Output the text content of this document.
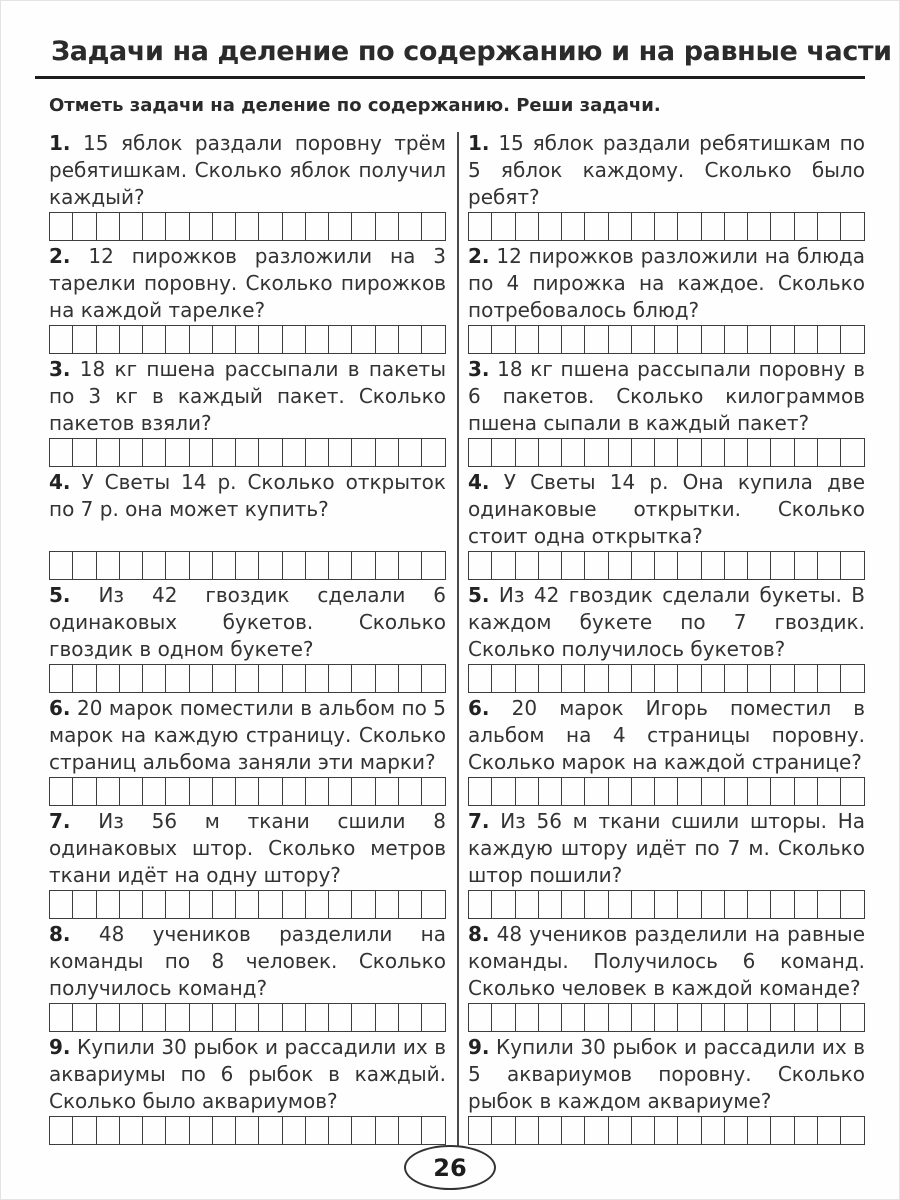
Задачи на деление по содержанию и на равные части
Отметь задачи на деление по содержанию. Реши задачи.

1. 15 яблок раздали поровну трём ребятишкам. Сколько яблок получил каждый?

2. 12 пирожков разложили на 3 тарелки поровну. Сколько пирожков на каждой тарелке?

3. 18 кг пшена рассыпали в пакеты по 3 кг в каждый пакет. Сколько пакетов взяли?

4. У Светы 14 р. Сколько открыток по 7 р. она может купить?

5. Из 42 гвоздик сделали 6 одинаковых букетов. Сколько гвоздик в одном букете?

6. 20 марок поместили в альбом по 5 марок на каждую страницу. Сколько страниц альбома заняли эти марки?

7. Из 56 м ткани сшили 8 одинаковых штор. Сколько метров ткани идёт на одну штору?

8. 48 учеников разделили на команды по 8 человек. Сколько получилось команд?

9. Купили 30 рыбок и рассадили их в аквариумы по 6 рыбок в каждый. Сколько было аквариумов?

1. 15 яблок раздали ребятишкам по 5 яблок каждому. Сколько было ребят?

2. 12 пирожков разложили на блюда по 4 пирожка на каждое. Сколько потребовалось блюд?

3. 18 кг пшена рассыпали поровну в 6 пакетов. Сколько килограммов пшена сыпали в каждый пакет?

4. У Светы 14 р. Она купила две одинаковые открытки. Сколько стоит одна открытка?

5. Из 42 гвоздик сделали букеты. В каждом букете по 7 гвоздик. Сколько получилось букетов?

6. 20 марок Игорь поместил в альбом на 4 страницы поровну. Сколько марок на каждой странице?

7. Из 56 м ткани сшили шторы. На каждую штору идёт по 7 м. Сколько штор пошили?

8. 48 учеников разделили на равные команды. Получилось 6 команд. Сколько человек в каждой команде?

9. Купили 30 рыбок и рассадили их в 5 аквариумов поровну. Сколько рыбок в каждом аквариуме?

26
